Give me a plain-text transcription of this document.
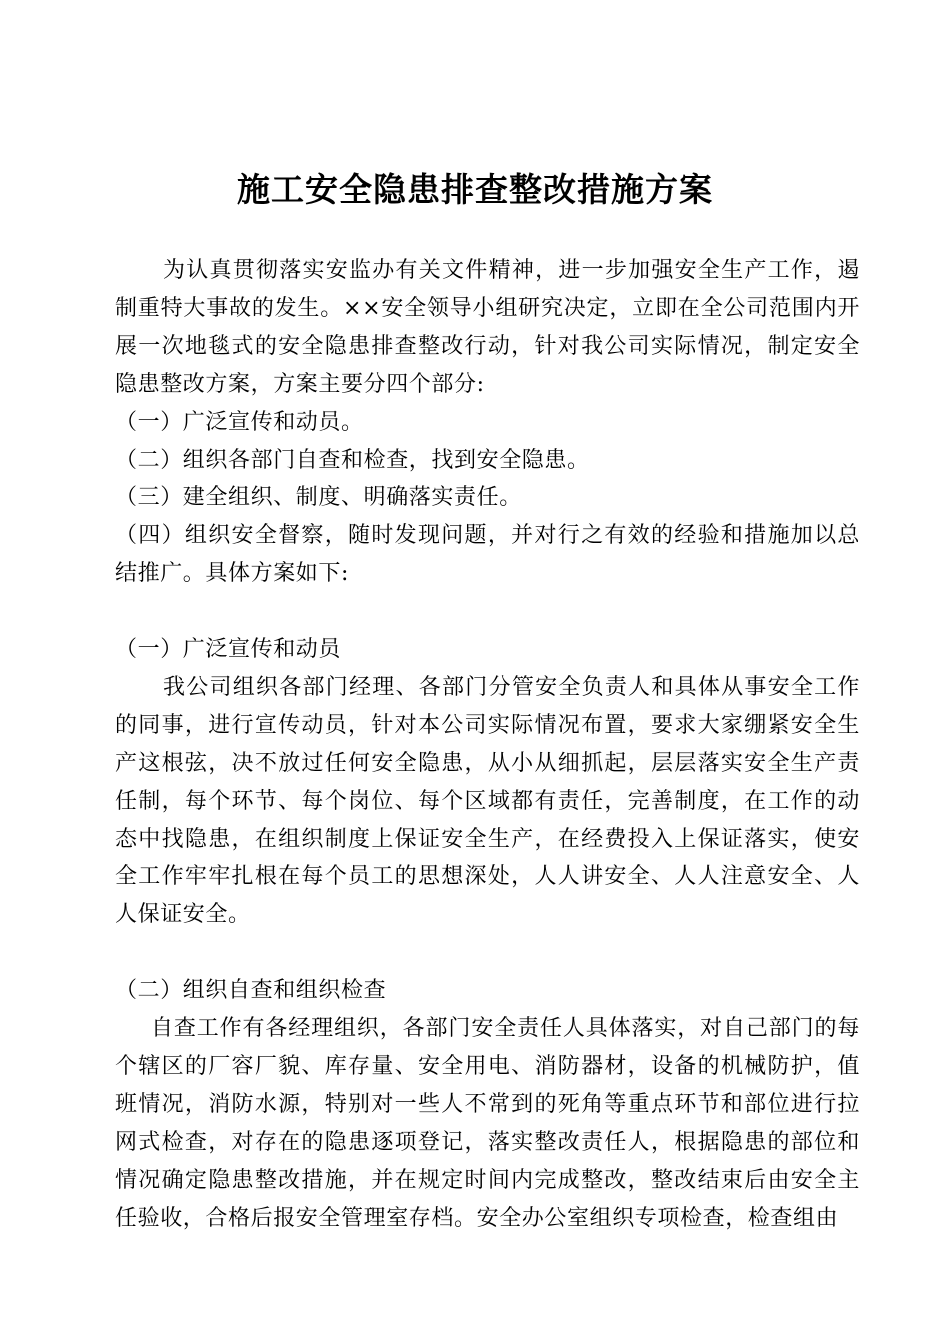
施工安全隐患排查整改措施方案

为认真贯彻落实安监办有关文件精神，进一步加强安全生产工作，遏制重特大事故的发生。××安全领导小组研究决定，立即在全公司范围内开展一次地毯式的安全隐患排查整改行动，针对我公司实际情况，制定安全隐患整改方案，方案主要分四个部分:

（一）广泛宣传和动员。

（二）组织各部门自查和检查，找到安全隐患。

（三）建全组织、制度、明确落实责任。

（四）组织安全督察，随时发现问题，并对行之有效的经验和措施加以总结推广。具体方案如下:

（一）广泛宣传和动员

我公司组织各部门经理、各部门分管安全负责人和具体从事安全工作的同事，进行宣传动员，针对本公司实际情况布置，要求大家绷紧安全生产这根弦，决不放过任何安全隐患，从小从细抓起，层层落实安全生产责任制，每个环节、每个岗位、每个区域都有责任，完善制度，在工作的动态中找隐患，在组织制度上保证安全生产，在经费投入上保证落实，使安全工作牢牢扎根在每个员工的思想深处，人人讲安全、人人注意安全、人人保证安全。

（二）组织自查和组织检查

自查工作有各经理组织，各部门安全责任人具体落实，对自己部门的每个辖区的厂容厂貌、库存量、安全用电、消防器材，设备的机械防护，值班情况，消防水源，特别对一些人不常到的死角等重点环节和部位进行拉网式检查，对存在的隐患逐项登记，落实整改责任人，根据隐患的部位和情况确定隐患整改措施，并在规定时间内完成整改，整改结束后由安全主任验收，合格后报安全管理室存档。安全办公室组织专项检查，检查组由
